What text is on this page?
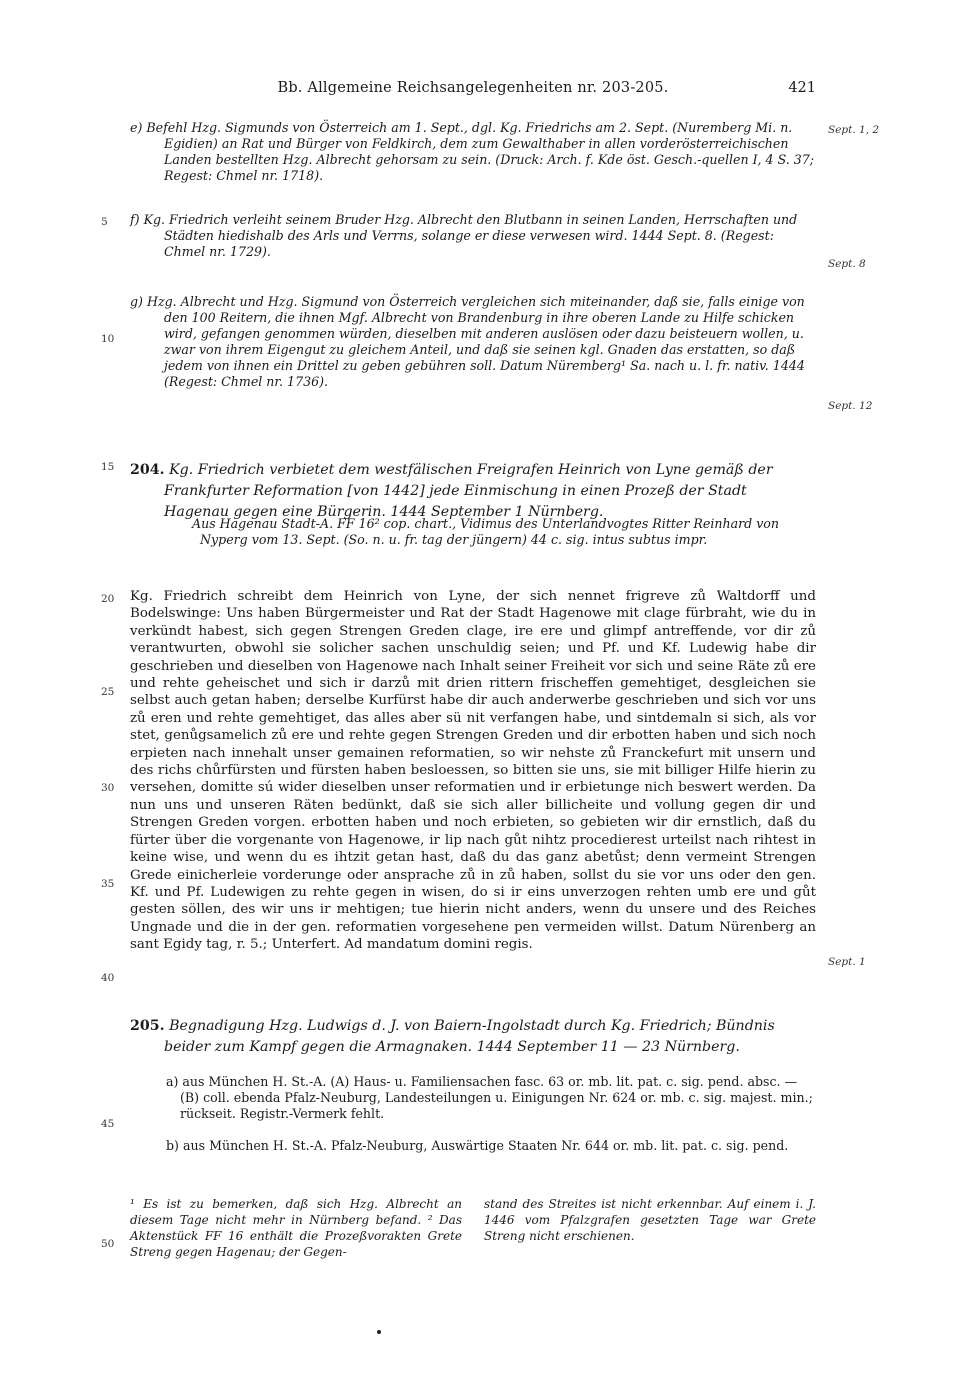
Bb. Allgemeine Reichsangelegenheiten nr. 203-205.	421
5
10
15
20
25
30
35
40
45
50
Sept. 1, 2
Sept. 8
Sept. 12
Sept. 1

e) Befehl Hzg. Sigmunds von Österreich am 1. Sept., dgl. Kg. Friedrichs am 2. Sept. (Nuremberg Mi. n. Egidien) an Rat und Bürger von Feldkirch, dem zum Gewalthaber in allen vorderösterreichischen Landen bestellten Hzg. Albrecht gehorsam zu sein. (Druck: Arch. f. Kde öst. Gesch.-quellen I, 4 S. 37; Regest: Chmel nr. 1718).

f) Kg. Friedrich verleiht seinem Bruder Hzg. Albrecht den Blutbann in seinen Landen, Herrschaften und Städten hiedishalb des Arls und Verrns, solange er diese verwesen wird. 1444 Sept. 8. (Regest: Chmel nr. 1729).

g) Hzg. Albrecht und Hzg. Sigmund von Österreich vergleichen sich miteinander, daß sie, falls einige von den 100 Reitern, die ihnen Mgf. Albrecht von Brandenburg in ihre oberen Lande zu Hilfe schicken wird, gefangen genommen würden, dieselben mit anderen auslösen oder dazu beisteuern wollen, u. zwar von ihrem Eigengut zu gleichem Anteil, und daß sie seinen kgl. Gnaden das erstatten, so daß jedem von ihnen ein Drittel zu geben gebühren soll. Datum Nüremberg¹ Sa. nach u. l. fr. nativ. 1444 (Regest: Chmel nr. 1736).

204. Kg. Friedrich verbietet dem westfälischen Freigrafen Heinrich von Lyne gemäß der Frankfurter Reformation [von 1442] jede Einmischung in einen Prozeß der Stadt Hagenau gegen eine Bürgerin. 1444 September 1 Nürnberg.

Aus Hagenau Stadt-A. FF 16² cop. chart., Vidimus des Unterlandvogtes Ritter Reinhard von Nyperg vom 13. Sept. (So. n. u. fr. tag der jüngern) 44 c. sig. intus subtus impr.

Kg. Friedrich schreibt dem Heinrich von Lyne, der sich nennet frigreve zů Waltdorff und Bodelswinge: Uns haben Bürgermeister und Rat der Stadt Hagenowe mit clage fürbraht, wie du in verkündt habest, sich gegen Strengen Greden clage, ire ere und glimpf antreffende, vor dir zů verantwurten, obwohl sie solicher sachen unschuldig seien; und Pf. und Kf. Ludewig habe dir geschrieben und dieselben von Hagenowe nach Inhalt seiner Freiheit vor sich und seine Räte zů ere und rehte geheischet und sich ir darzů mit drien rittern frischeffen gemehtiget, desgleichen sie selbst auch getan haben; derselbe Kurfürst habe dir auch anderwerbe geschrieben und sich vor uns zů eren und rehte gemehtiget, das alles aber sü nit verfangen habe, und sintdemaln si sich, als vor stet, genůgsamelich zů ere und rehte gegen Strengen Greden und dir erbotten haben und sich noch erpieten nach innehalt unser gemainen reformatien, so wir nehste zů Franckefurt mit unsern und des richs chůrfürsten und fürsten haben besloessen, so bitten sie uns, sie mit billiger Hilfe hierin zu versehen, domitte sú wider dieselben unser reformatien und ir erbietunge nich beswert werden. Da nun uns und unseren Räten bedünkt, daß sie sich aller billicheite und vollung gegen dir und Strengen Greden vorgen. erbotten haben und noch erbieten, so gebieten wir dir ernstlich, daß du fürter über die vorgenante von Hagenowe, ir lip nach gůt nihtz procedierest urteilst nach rihtest in keine wise, und wenn du es ihtzit getan hast, daß du das ganz abetůst; denn vermeint Strengen Grede einicherleie vorderunge oder ansprache zů in zů haben, sollst du sie vor uns oder den gen. Kf. und Pf. Ludewigen zu rehte gegen in wisen, do si ir eins unverzogen rehten umb ere und gůt gesten söllen, des wir uns ir mehtigen; tue hierin nicht anders, wenn du unsere und des Reiches Ungnade und die in der gen. reformatien vorgesehene pen vermeiden willst. Datum Nürenberg an sant Egidy tag, r. 5.; Unterfert. Ad mandatum domini regis.

205. Begnadigung Hzg. Ludwigs d. J. von Baiern-Ingolstadt durch Kg. Friedrich; Bündnis beider zum Kampf gegen die Armagnaken. 1444 September 11 — 23 Nürnberg.

a) aus München H. St.-A. (A) Haus- u. Familiensachen fasc. 63 or. mb. lit. pat. c. sig. pend. absc. — (B) coll. ebenda Pfalz-Neuburg, Landesteilungen u. Einigungen Nr. 624 or. mb. c. sig. majest. min.; rückseit. Registr.-Vermerk fehlt.

b) aus München H. St.-A. Pfalz-Neuburg, Auswärtige Staaten Nr. 644 or. mb. lit. pat. c. sig. pend.

¹ Es ist zu bemerken, daß sich Hzg. Albrecht an diesem Tage nicht mehr in Nürnberg befand. ² Das Aktenstück FF 16 enthält die Prozeßvorakten Grete Streng gegen Hagenau; der Gegen-
stand des Streites ist nicht erkennbar. Auf einem i. J. 1446 vom Pfalzgrafen gesetzten Tage war Grete Streng nicht erschienen.
